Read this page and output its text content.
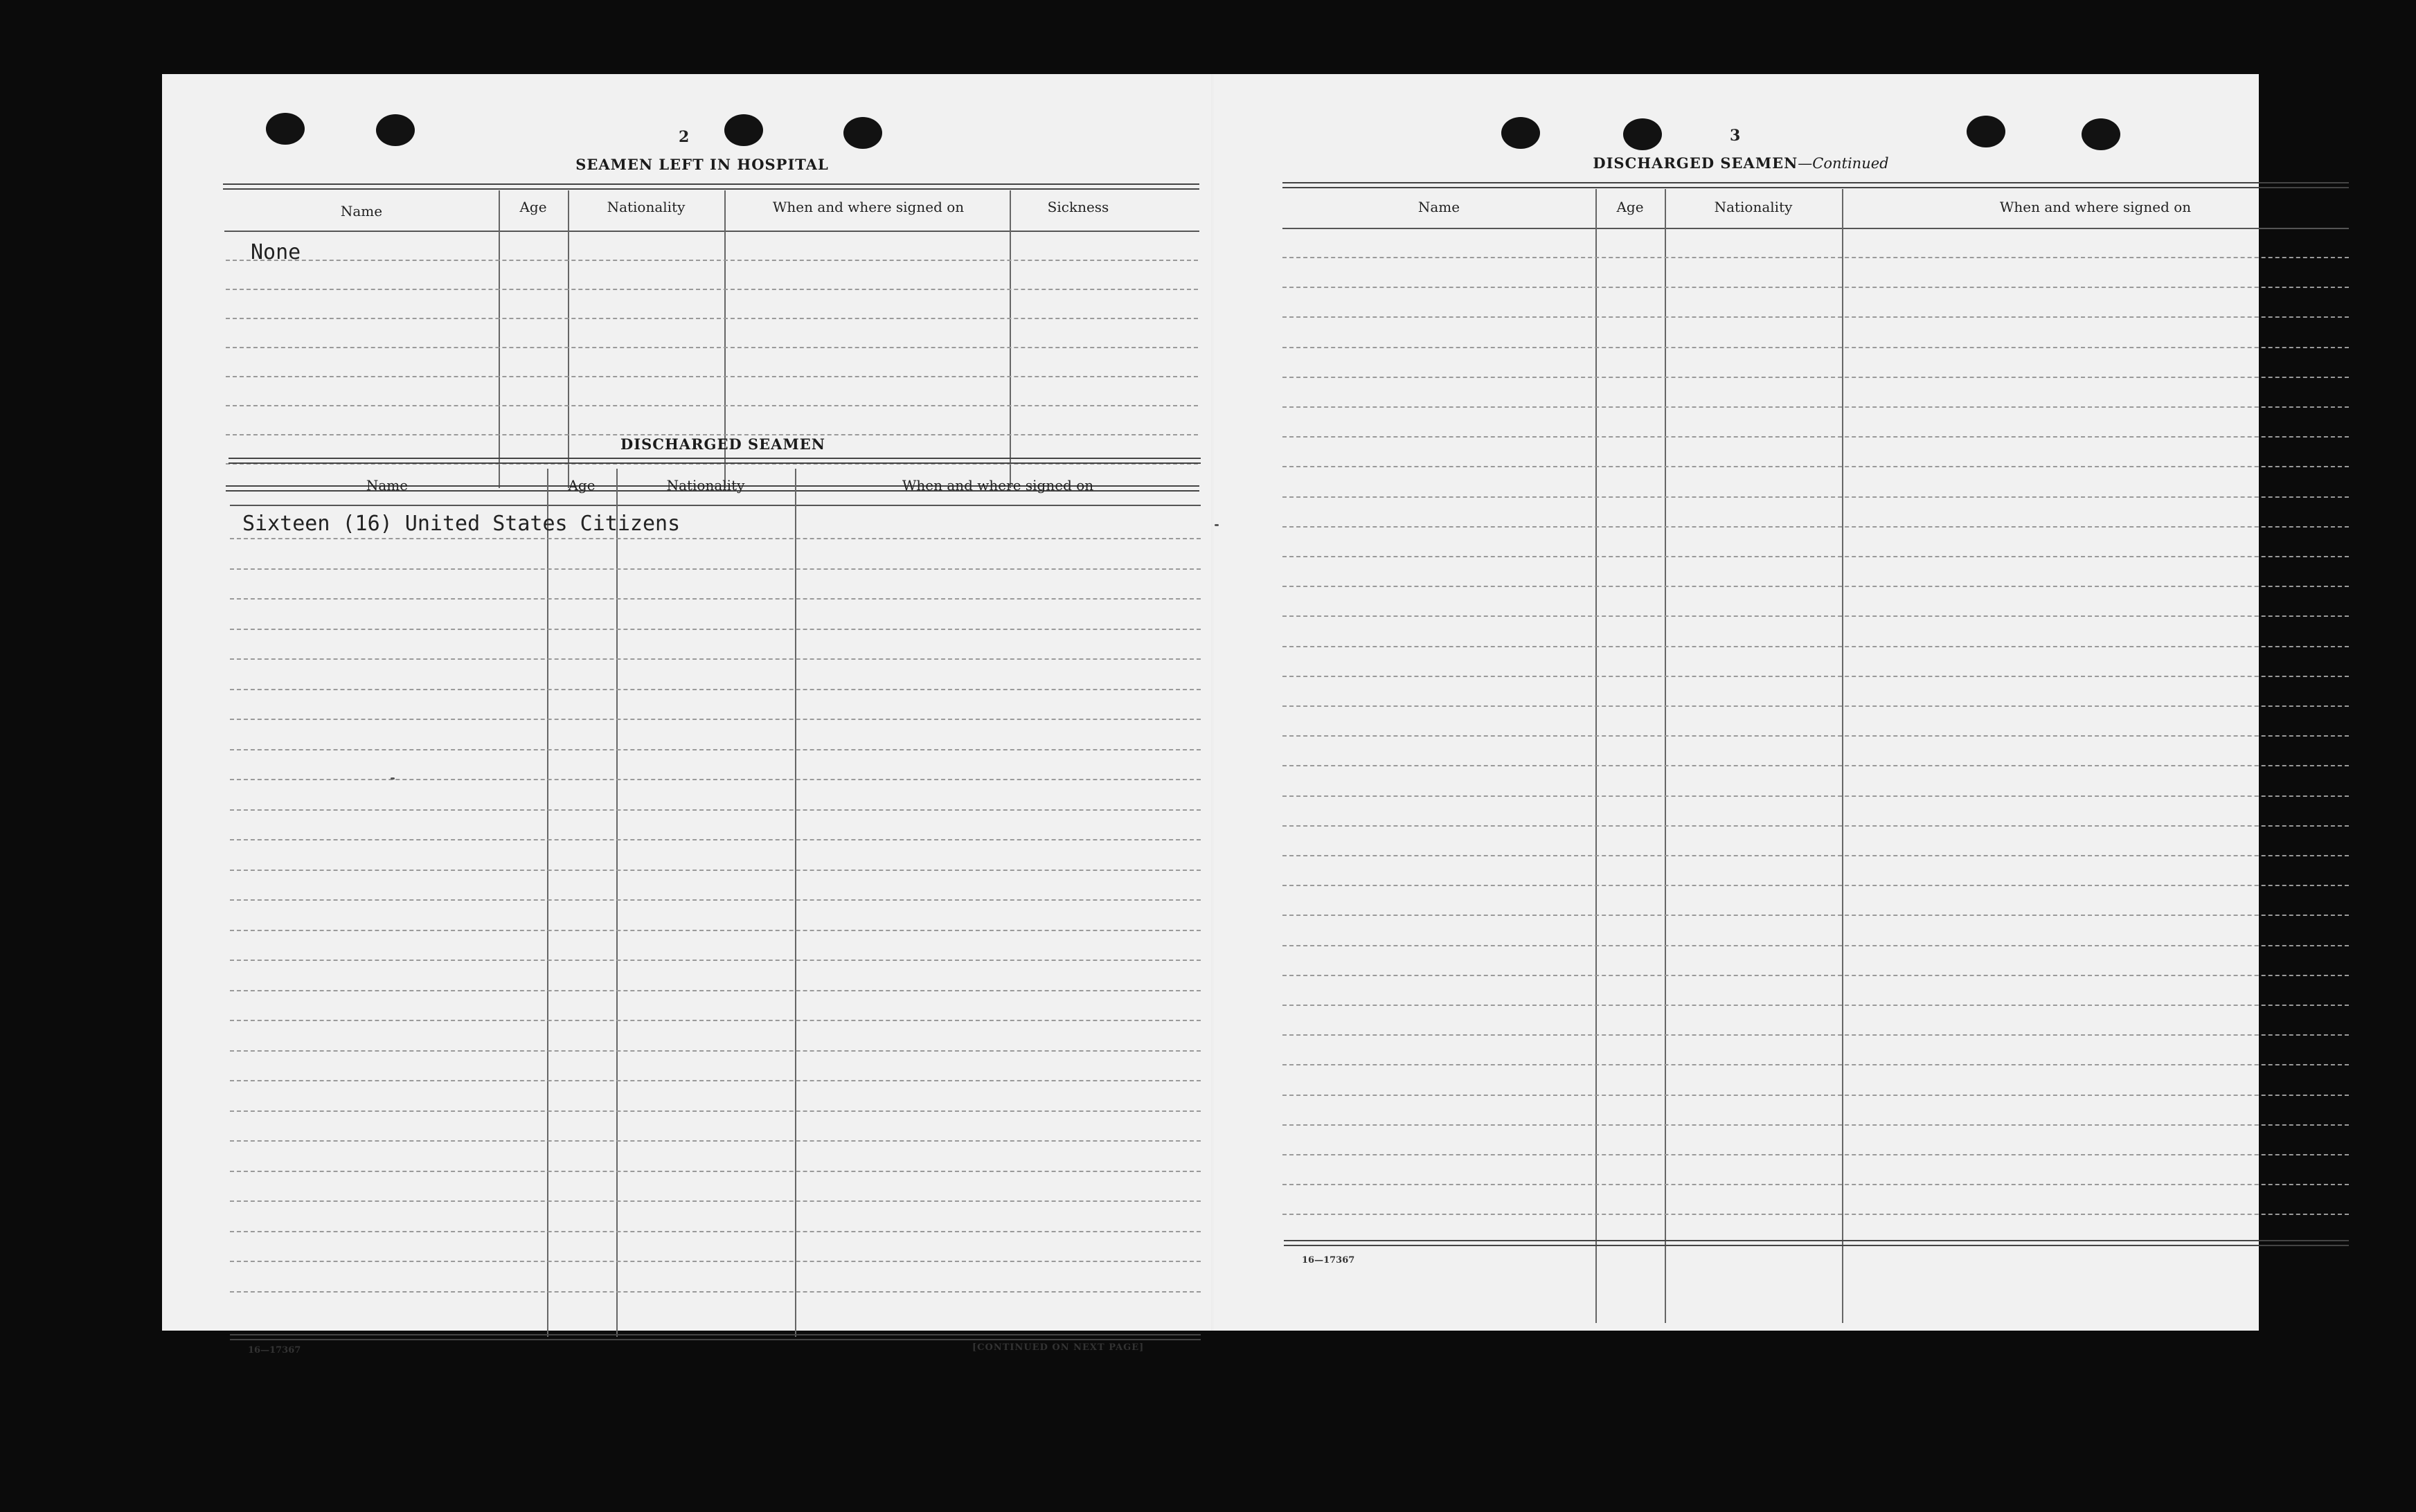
2
SEAMEN LEFT IN HOSPITAL
Name	Age	Nationality	When and where signed on	Sickness
None
DISCHARGED SEAMEN
Name	Age	Nationality	When and where signed on
Sixteen (16) United States Citizens
16—17367	[CONTINUED ON NEXT PAGE]
3
DISCHARGED SEAMEN—Continued
Name	Age	Nationality	When and where signed on
16—17367
